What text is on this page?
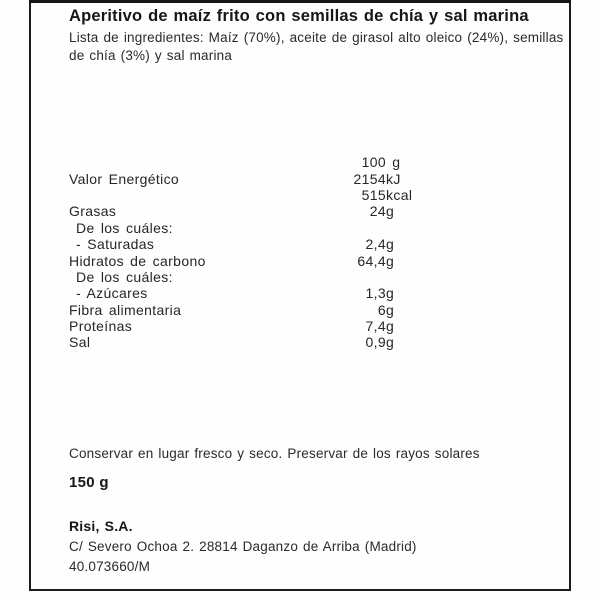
Aperitivo de maíz frito con semillas de chía y sal marina

Lista de ingredientes: Maíz (70%), aceite de girasol alto oleico (24%), semillas de chía (3%) y sal marina

	100	g
Valor Energético	2154	kJ
	515	kcal
Grasas	24	g
De los cuáles:		
- Saturadas	2,4	g
Hidratos de carbono	64,4	g
De los cuáles:		
- Azúcares	1,3	g
Fibra alimentaria	6	g
Proteínas	7,4	g
Sal	0,9	g

Conservar en lugar fresco y seco. Preservar de los rayos solares

150 g

Risi, S.A.

C/ Severo Ochoa 2. 28814 Daganzo de Arriba (Madrid)

40.073660/M
